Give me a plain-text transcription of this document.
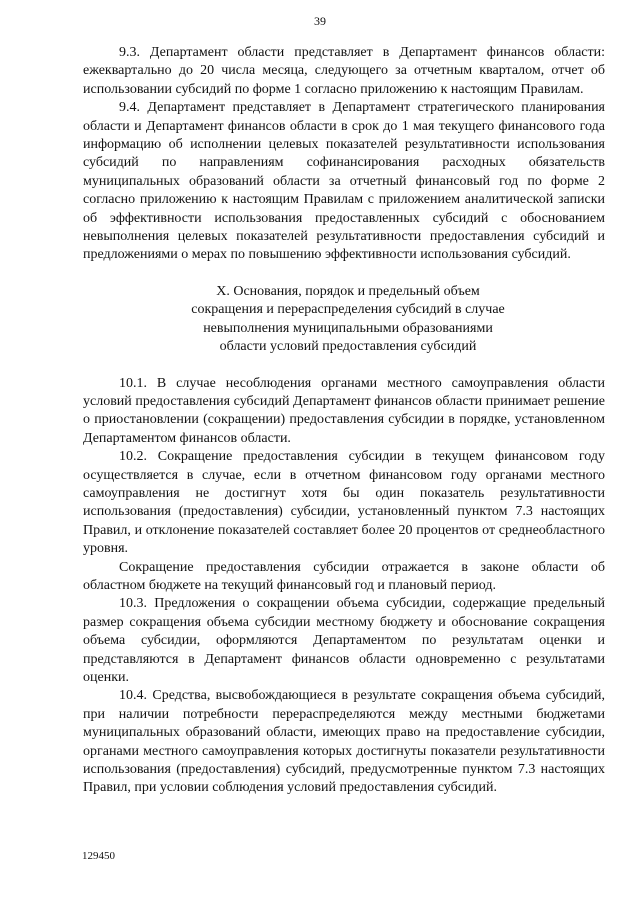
39

9.3. Департамент области представляет в Департамент финансов области: ежеквартально до 20 числа месяца, следующего за отчетным кварталом, отчет об использовании субсидий по форме 1 согласно приложению к настоящим Правилам.

9.4. Департамент представляет в Департамент стратегического планирования области и Департамент финансов области в срок до 1 мая текущего финансового года информацию об исполнении целевых показателей результативности использования субсидий по направлениям софинансирования расходных обязательств муниципальных образований области за отчетный финансовый год по форме 2 согласно приложению к настоящим Правилам с приложением аналитической записки об эффективности использования предоставленных субсидий с обоснованием невыполнения целевых показателей результативности предоставления субсидий и предложениями о мерах по повышению эффективности использования субсидий.

X. Основания, порядок и предельный объем
сокращения и перераспределения субсидий в случае
невыполнения муниципальными образованиями
области условий предоставления субсидий

10.1. В случае несоблюдения органами местного самоуправления области условий предоставления субсидий Департамент финансов области принимает решение о приостановлении (сокращении) предоставления субсидии в порядке, установленном Департаментом финансов области.

10.2. Сокращение предоставления субсидии в текущем финансовом году осуществляется в случае, если в отчетном финансовом году органами местного самоуправления не достигнут хотя бы один показатель результативности использования (предоставления) субсидии, установленный пунктом 7.3 настоящих Правил, и отклонение показателей составляет более 20 процентов от среднеобластного уровня.

Сокращение предоставления субсидии отражается в законе области об областном бюджете на текущий финансовый год и плановый период.

10.3. Предложения о сокращении объема субсидии, содержащие предельный размер сокращения объема субсидии местному бюджету и обоснование сокращения объема субсидии, оформляются Департаментом по результатам оценки и представляются в Департамент финансов области одновременно с результатами оценки.

10.4. Средства, высвобождающиеся в результате сокращения объема субсидий, при наличии потребности перераспределяются между местными бюджетами муниципальных образований области, имеющих право на предоставление субсидии, органами местного самоуправления которых достигнуты показатели результативности использования (предоставления) субсидий, предусмотренные пунктом 7.3 настоящих Правил, при условии соблюдения условий предоставления субсидий.

129450
